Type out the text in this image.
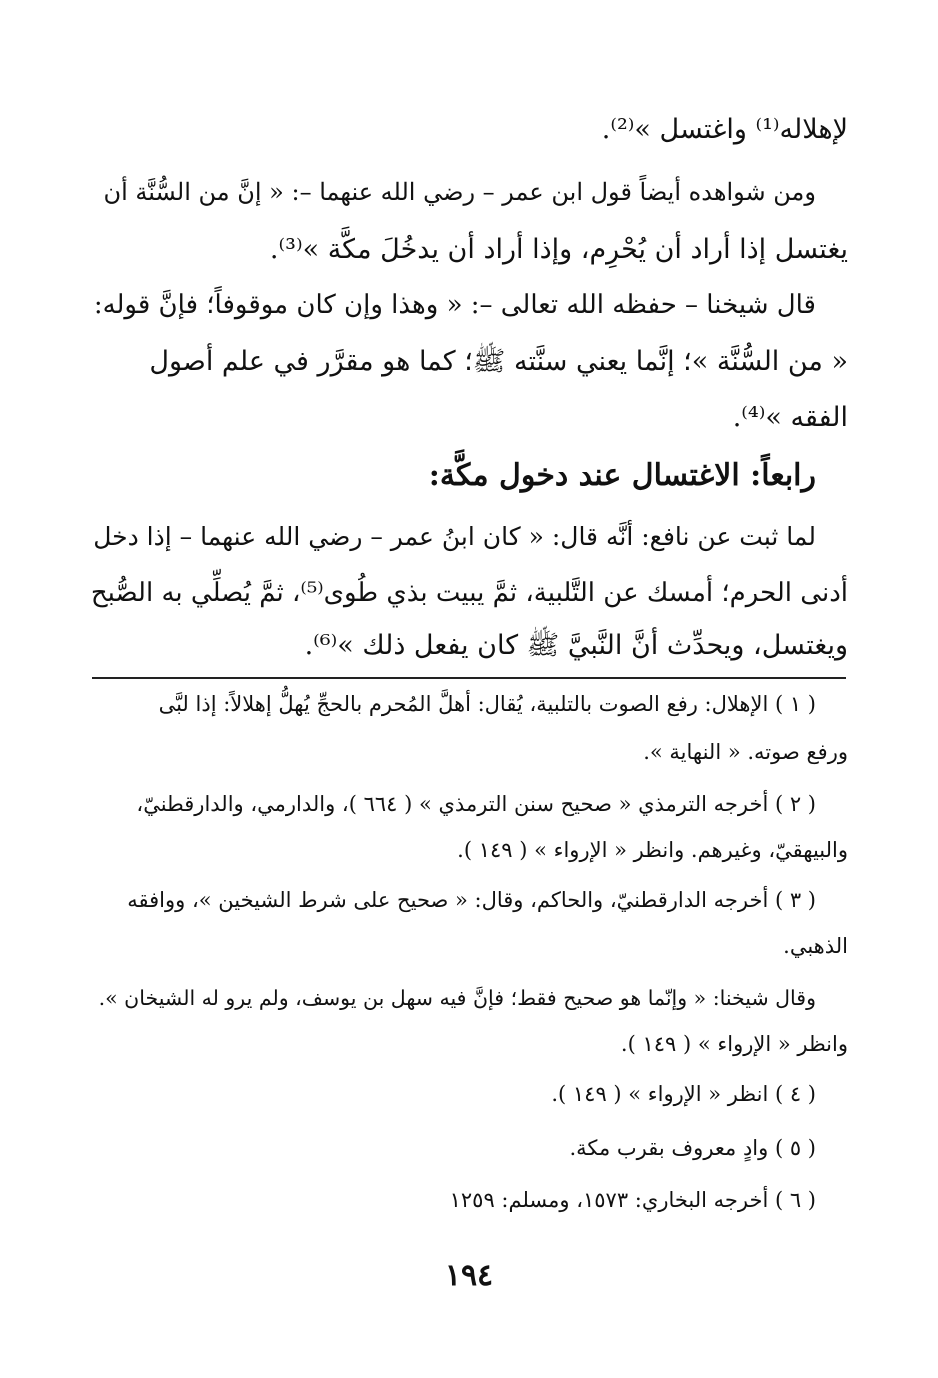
لإهلاله⁽¹⁾ واغتسل »⁽²⁾.

ومن شواهده أيضاً قول ابن عمر – رضي الله عنهما –: « إنَّ من السُّنَّة أن

يغتسل إذا أراد أن يُحْرِم، وإذا أراد أن يدخُلَ مكَّة »⁽³⁾.

قال شيخنا – حفظه الله تعالى –: « وهذا وإن كان موقوفاً؛ فإنَّ قوله:

« من السُّنَّة »؛ إنَّما يعني سنَّته ﷺ؛ كما هو مقرَّر في علم أصول

الفقه »⁽⁴⁾.

رابعاً: الاغتسال عند دخول مكَّة:

لما ثبت عن نافع: أنَّه قال: « كان ابنُ عمر – رضي الله عنهما – إذا دخل

أدنى الحرم؛ أمسك عن التَّلبية، ثمَّ يبيت بذي طُوى⁽⁵⁾، ثمَّ يُصلِّي به الصُّبح

ويغتسل، ويحدِّث أنَّ النَّبيَّ ﷺ كان يفعل ذلك »⁽⁶⁾.

( ١ ) الإهلال: رفع الصوت بالتلبية، يُقال: أهلَّ المُحرم بالحجِّ يُهلُّ إهلالاً: إذا لبَّى

ورفع صوته. « النهاية ».

( ٢ ) أخرجه الترمذي « صحيح سنن الترمذي » ( ٦٦٤ )، والدارمي، والدارقطنيّ،

والبيهقيّ، وغيرهم. وانظر « الإرواء » ( ١٤٩ ).

( ٣ ) أخرجه الدارقطنيّ، والحاكم، وقال: « صحيح على شرط الشيخين »، ووافقه

الذهبي.

وقال شيخنا: « وإنّما هو صحيح فقط؛ فإنَّ فيه سهل بن يوسف، ولم يرو له الشيخان ».

وانظر « الإرواء » ( ١٤٩ ).

( ٤ ) انظر « الإرواء » ( ١٤٩ ).

( ٥ ) وادٍ معروف بقرب مكة.

( ٦ ) أخرجه البخاري: ١٥٧٣، ومسلم: ١٢٥٩

١٩٤
